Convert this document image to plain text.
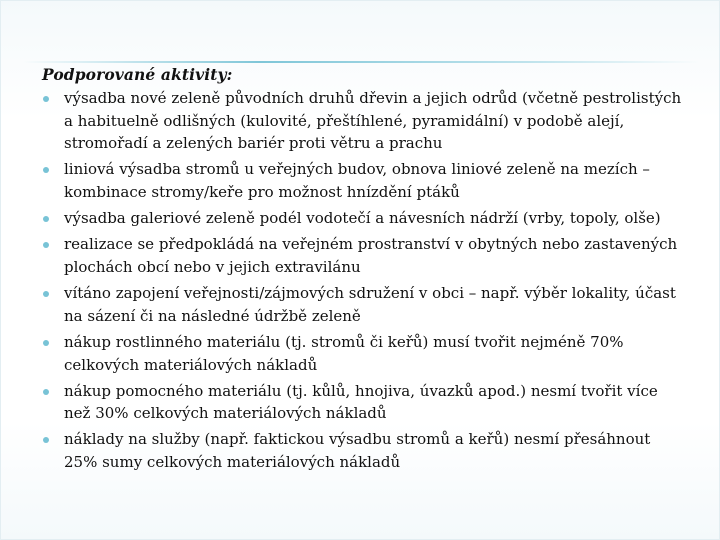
Podporované aktivity:
výsadba nové zeleně původních druhů dřevin a jejich odrůd (včetně pestrolistých a habituelně odlišných (kulovité, přeštíhlené, pyramidální) v podobě alejí, stromořadí a zelených bariér proti větru a prachu
liniová výsadba stromů u veřejných budov, obnova liniové zeleně na mezích – kombinace stromy/keře pro možnost hnízdění ptáků
výsadba galeriové zeleně podél vodotečí a návesních nádrží (vrby, topoly, olše)
realizace se předpokládá na veřejném prostranství v obytných nebo zastavených plochách obcí nebo v jejich extravilánu
vítáno zapojení veřejnosti/zájmových sdružení v obci – např. výběr lokality, účast na sázení či na následné údržbě zeleně
nákup rostlinného materiálu (tj. stromů či keřů) musí tvořit nejméně 70% celkových materiálových nákladů
nákup pomocného materiálu (tj. kůlů, hnojiva, úvazků apod.) nesmí tvořit více než 30% celkových materiálových nákladů
náklady na služby (např. faktickou výsadbu stromů a keřů) nesmí přesáhnout 25% sumy celkových materiálových nákladů
